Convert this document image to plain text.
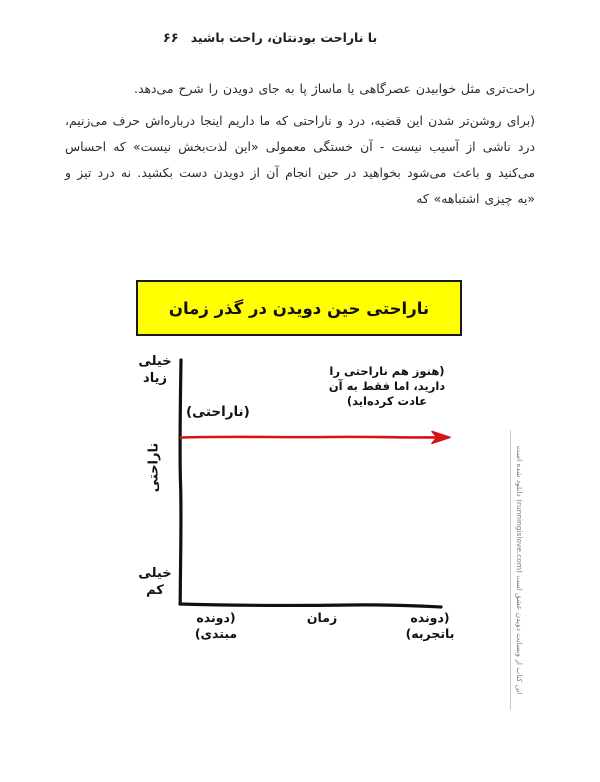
با ناراحت بودنتان، راحت باشید
۶۶

راحت‌تری مثل خوابیدن عصرگاهی یا ماساژ پا به جای دویدن را شرح می‌دهد.

(برای روشن‌تر شدن این قضیه، درد و ناراحتی که ما داریم اینجا درباره‌اش حرف می‌زنیم، درد ناشی از آسیب نیست - آن خستگی معمولی «این لذت‌بخش نیست» که احساس می‌کنید و باعث می‌شود بخواهید در حین انجام آن از دویدن دست بکشید. نه درد تیز و «یه چیزی اشتباهه» که

ناراحتی حین دویدن در گذر زمان
خیلی زیاد
ناراحتی
خیلی کم
(ناراحتی)
(هنوز هم ناراحتی را دارید، اما فقط به آن عادت کرده‌اید)
(دونده مبتدی)
زمان	(دونده باتجربه)
این کتاب از وبسایت دویدن عشق است (runningislove.com) دانلود شده است
